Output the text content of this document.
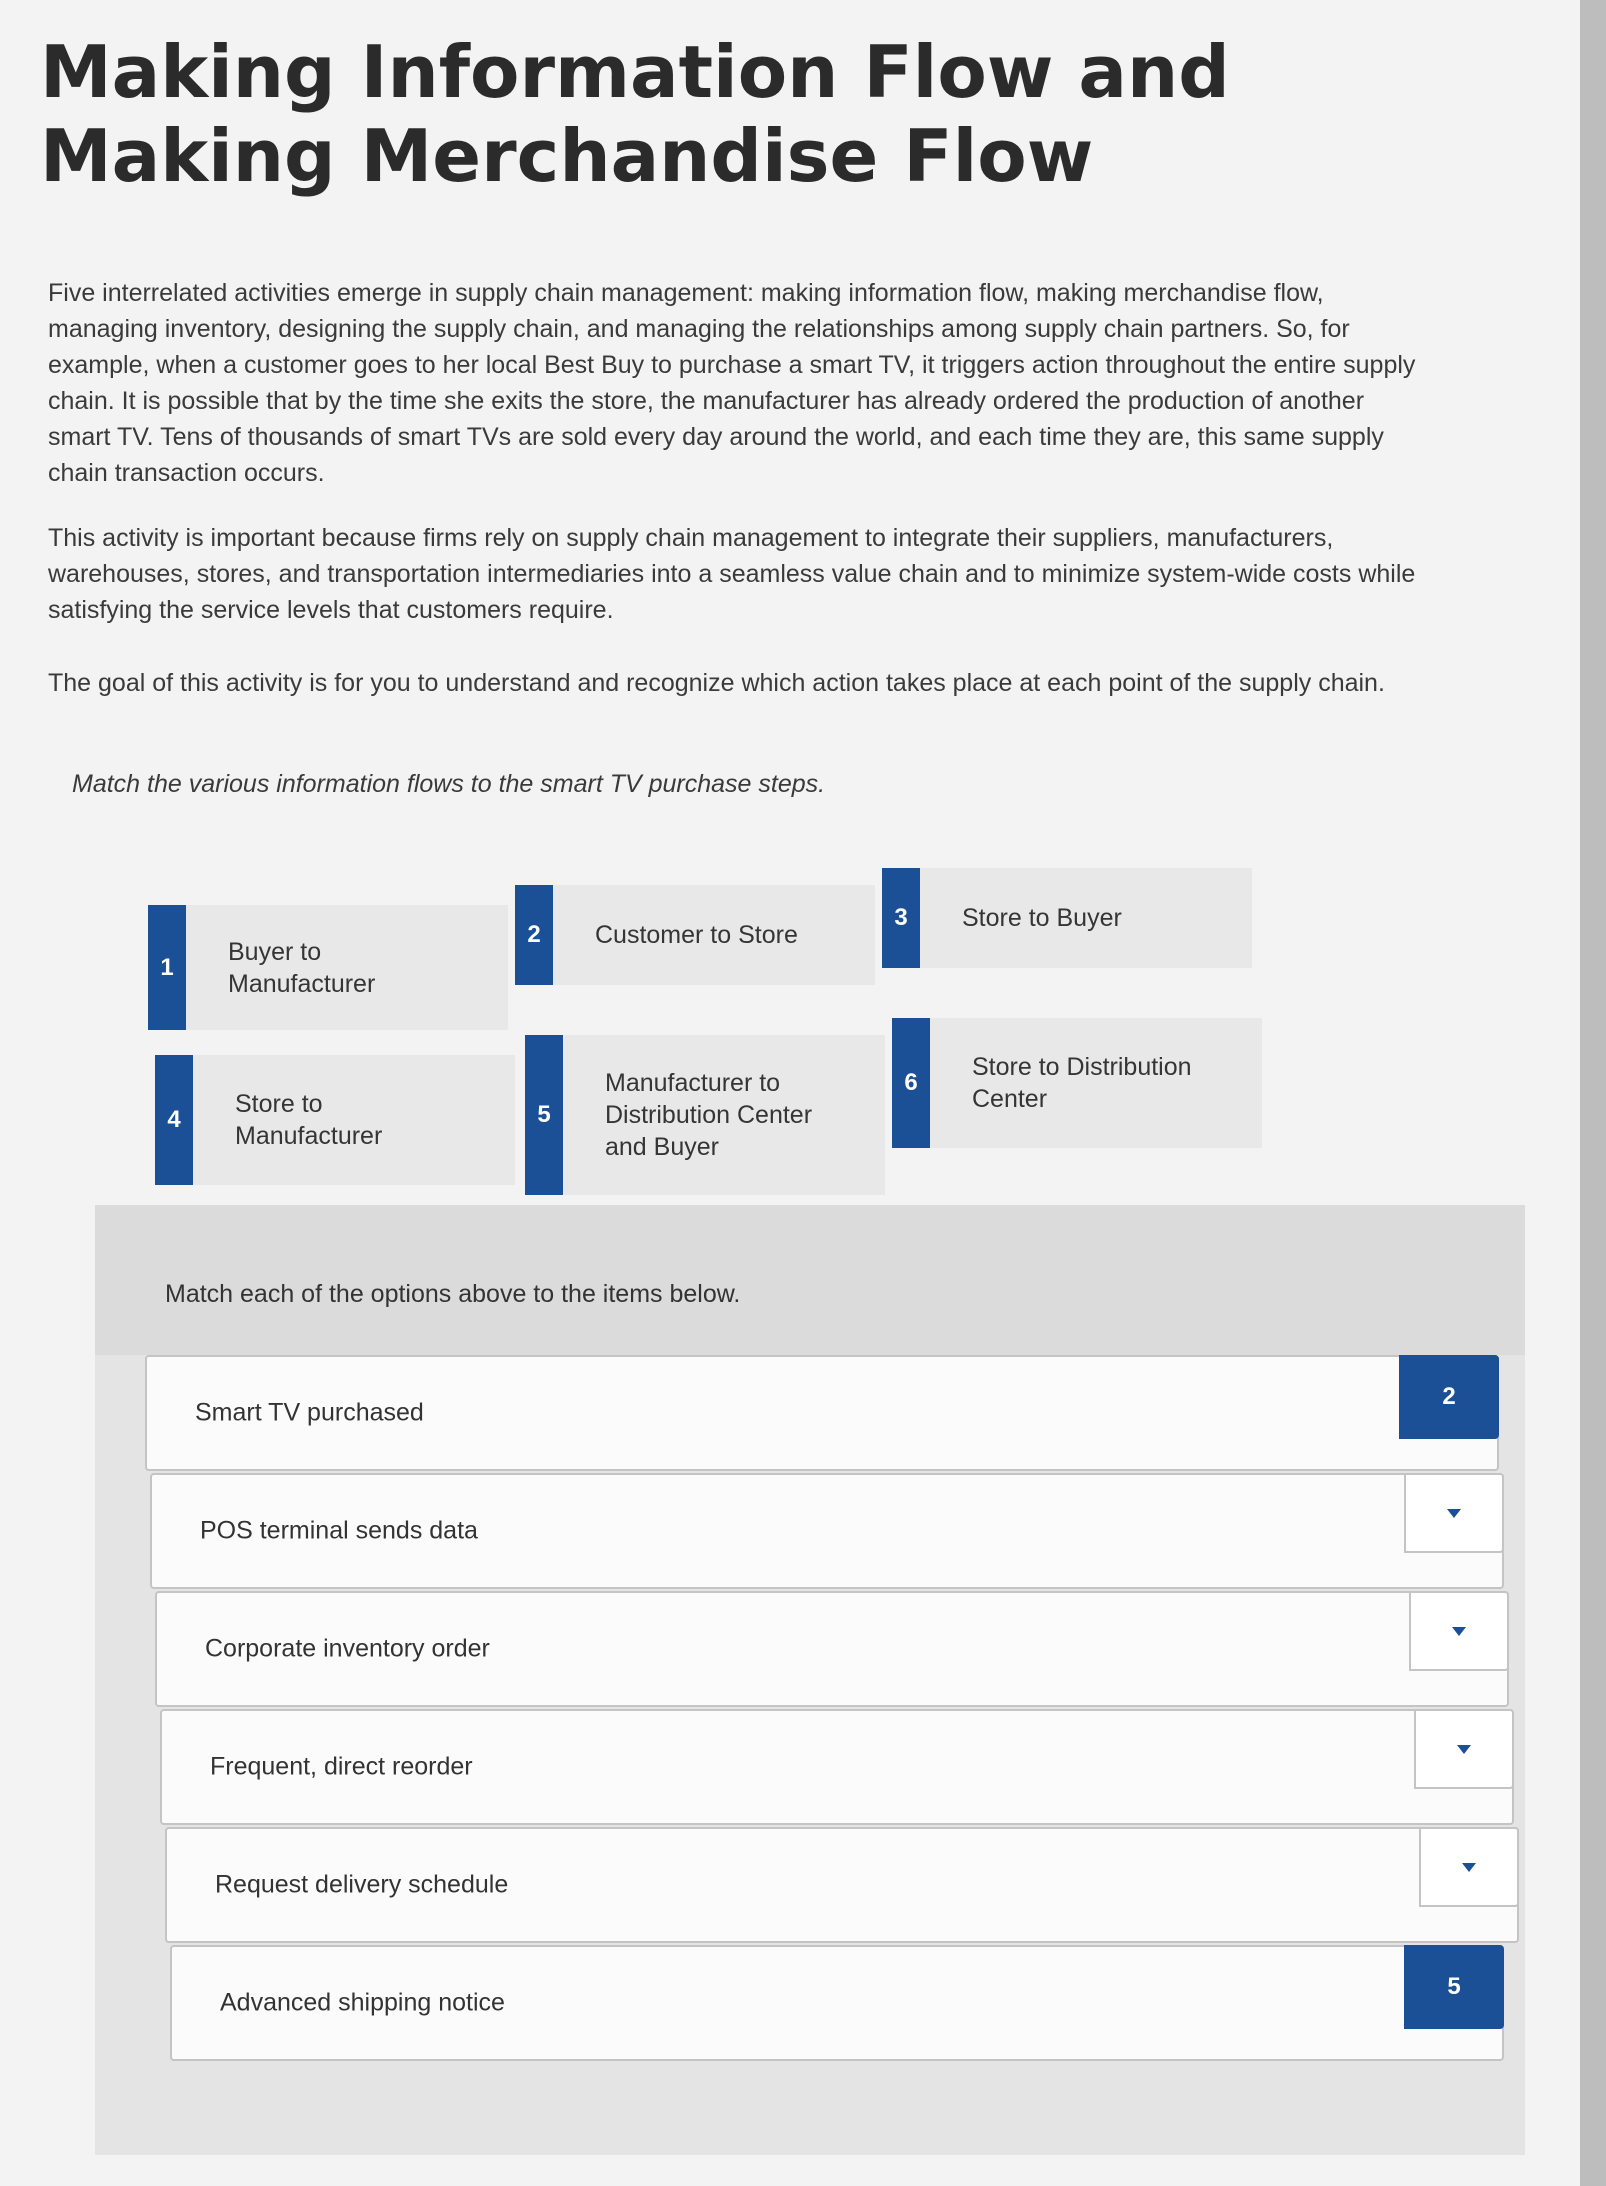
Making Information Flow and Making Merchandise Flow

Five interrelated activities emerge in supply chain management: making information flow, making merchandise flow, managing inventory, designing the supply chain, and managing the relationships among supply chain partners. So, for example, when a customer goes to her local Best Buy to purchase a smart TV, it triggers action throughout the entire supply chain. It is possible that by the time she exits the store, the manufacturer has already ordered the production of another smart TV. Tens of thousands of smart TVs are sold every day around the world, and each time they are, this same supply chain transaction occurs.

This activity is important because firms rely on supply chain management to integrate their suppliers, manufacturers, warehouses, stores, and transportation intermediaries into a seamless value chain and to minimize system-wide costs while satisfying the service levels that customers require.

The goal of this activity is for you to understand and recognize which action takes place at each point of the supply chain.

Match the various information flows to the smart TV purchase steps.
1
Buyer to Manufacturer
2	Customer to Store
3	Store to Buyer
4
Store to Manufacturer
5
Manufacturer to Distribution Center and Buyer
6
Store to Distribution Center
Match each of the options above to the items below.
Smart TV purchased
2
POS terminal sends data
Corporate inventory order
Frequent, direct reorder
Request delivery schedule
Advanced shipping notice
5
